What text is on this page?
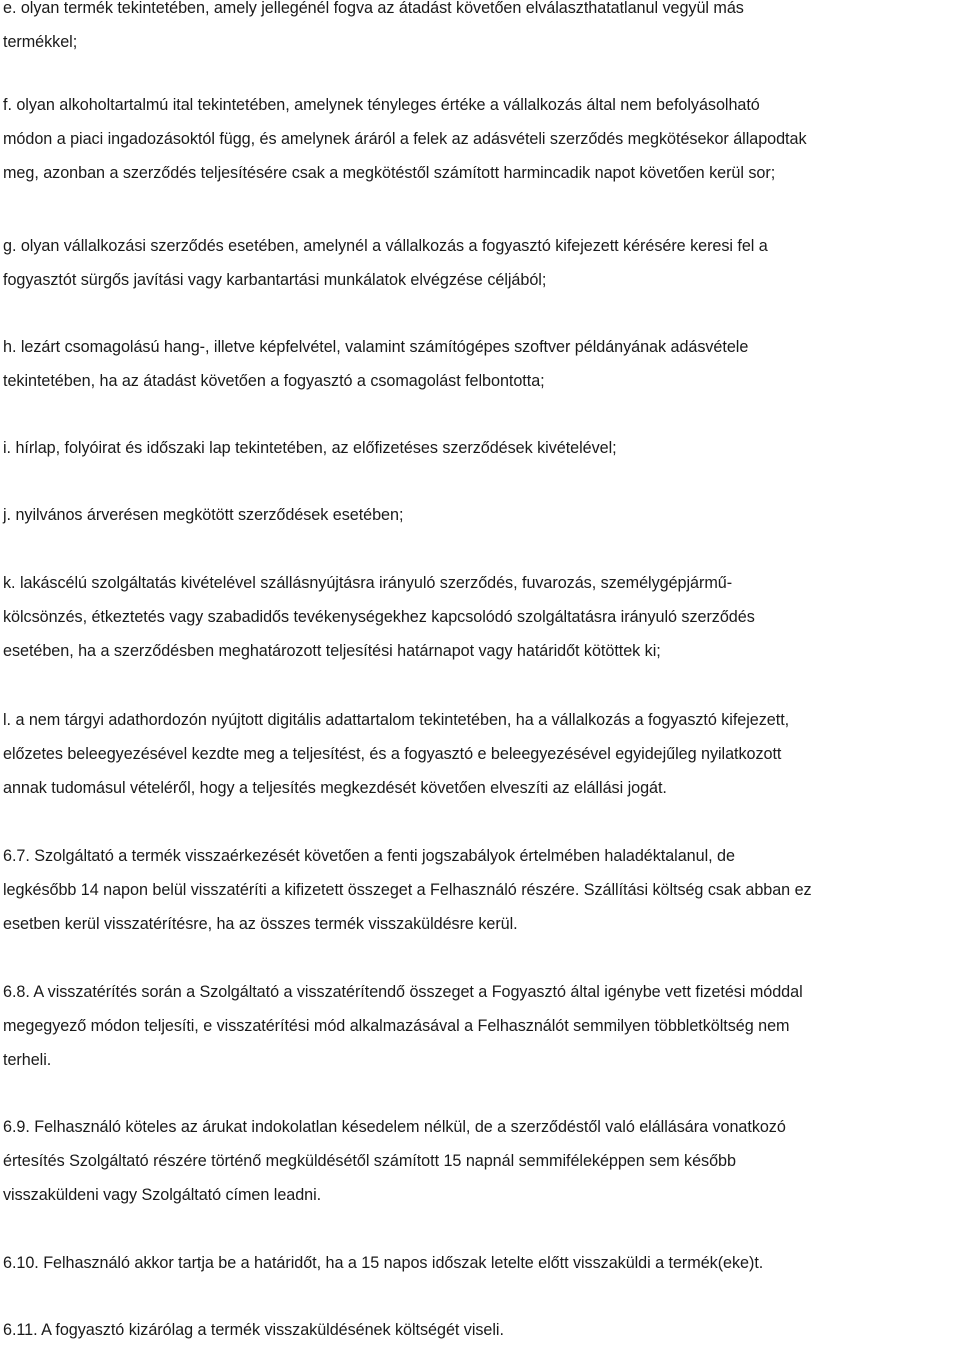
e. olyan termék tekintetében, amely jellegénél fogva az átadást követően elválaszthatatlanul vegyül más
termékkel;
f. olyan alkoholtartalmú ital tekintetében, amelynek tényleges értéke a vállalkozás által nem befolyásolható
módon a piaci ingadozásoktól függ, és amelynek áráról a felek az adásvételi szerződés megkötésekor állapodtak
meg, azonban a szerződés teljesítésére csak a megkötéstől számított harmincadik napot követően kerül sor;
g. olyan vállalkozási szerződés esetében, amelynél a vállalkozás a fogyasztó kifejezett kérésére keresi fel a
fogyasztót sürgős javítási vagy karbantartási munkálatok elvégzése céljából;
h. lezárt csomagolású hang-, illetve képfelvétel, valamint számítógépes szoftver példányának adásvétele
tekintetében, ha az átadást követően a fogyasztó a csomagolást felbontotta;
i. hírlap, folyóirat és időszaki lap tekintetében, az előfizetéses szerződések kivételével;
j. nyilvános árverésen megkötött szerződések esetében;
k. lakáscélú szolgáltatás kivételével szállásnyújtásra irányuló szerződés, fuvarozás, személygépjármű-
kölcsönzés, étkeztetés vagy szabadidős tevékenységekhez kapcsolódó szolgáltatásra irányuló szerződés
esetében, ha a szerződésben meghatározott teljesítési határnapot vagy határidőt kötöttek ki;
l. a nem tárgyi adathordozón nyújtott digitális adattartalom tekintetében, ha a vállalkozás a fogyasztó kifejezett,
előzetes beleegyezésével kezdte meg a teljesítést, és a fogyasztó e beleegyezésével egyidejűleg nyilatkozott
annak tudomásul vételéről, hogy a teljesítés megkezdését követően elveszíti az elállási jogát.
6.7. Szolgáltató a termék visszaérkezését követően a fenti jogszabályok értelmében haladéktalanul, de
legkésőbb 14 napon belül visszatéríti a kifizetett összeget a Felhasználó részére. Szállítási költség csak abban ez
esetben kerül visszatérítésre, ha az összes termék visszaküldésre kerül.
6.8. A visszatérítés során a Szolgáltató a visszatérítendő összeget a Fogyasztó által igénybe vett fizetési móddal
megegyező módon teljesíti, e visszatérítési mód alkalmazásával a Felhasználót semmilyen többletköltség nem
terheli.
6.9. Felhasználó köteles az árukat indokolatlan késedelem nélkül, de a szerződéstől való elállására vonatkozó
értesítés Szolgáltató részére történő megküldésétől számított 15 napnál semmiféleképpen sem később
visszaküldeni vagy Szolgáltató címen leadni.
6.10. Felhasználó akkor tartja be a határidőt, ha a 15 napos időszak letelte előtt visszaküldi a termék(eke)t.
6.11. A fogyasztó kizárólag a termék visszaküldésének költségét viseli.
